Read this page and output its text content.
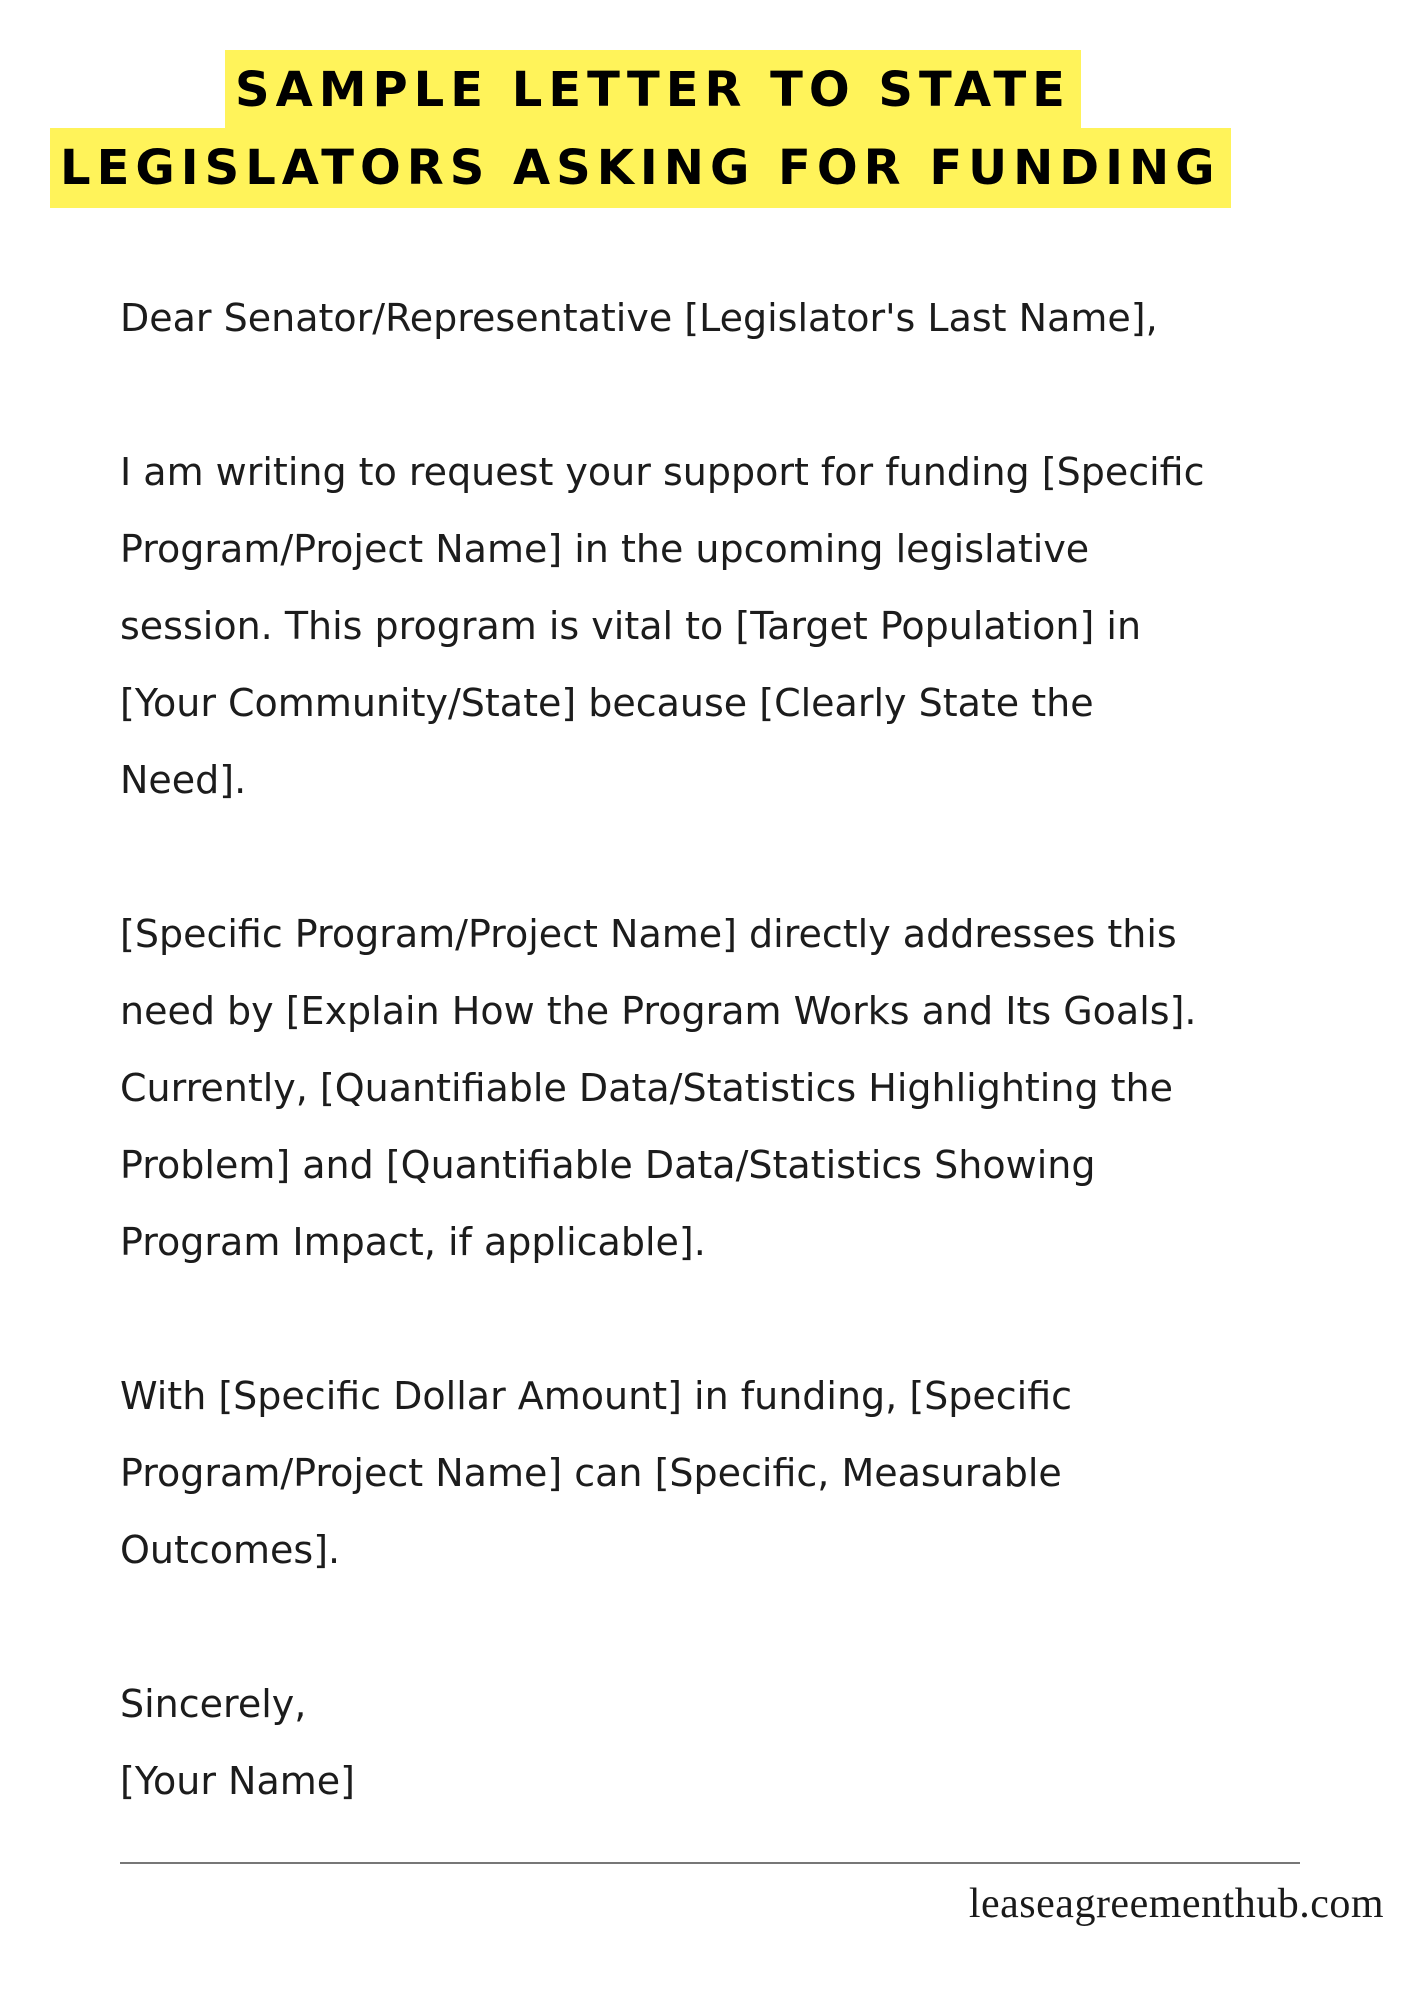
SAMPLE LETTER TO STATE
LEGISLATORS ASKING FOR FUNDING

Dear Senator/Representative [Legislator's Last Name],

I am writing to request your support for funding [Specific
Program/Project Name] in the upcoming legislative
session. This program is vital to [Target Population] in
[Your Community/State] because [Clearly State the
Need].

[Specific Program/Project Name] directly addresses this
need by [Explain How the Program Works and Its Goals].
Currently, [Quantifiable Data/Statistics Highlighting the
Problem] and [Quantifiable Data/Statistics Showing
Program Impact, if applicable].

With [Specific Dollar Amount] in funding, [Specific
Program/Project Name] can [Specific, Measurable
Outcomes].

Sincerely,

[Your Name]

leaseagreementhub.com
